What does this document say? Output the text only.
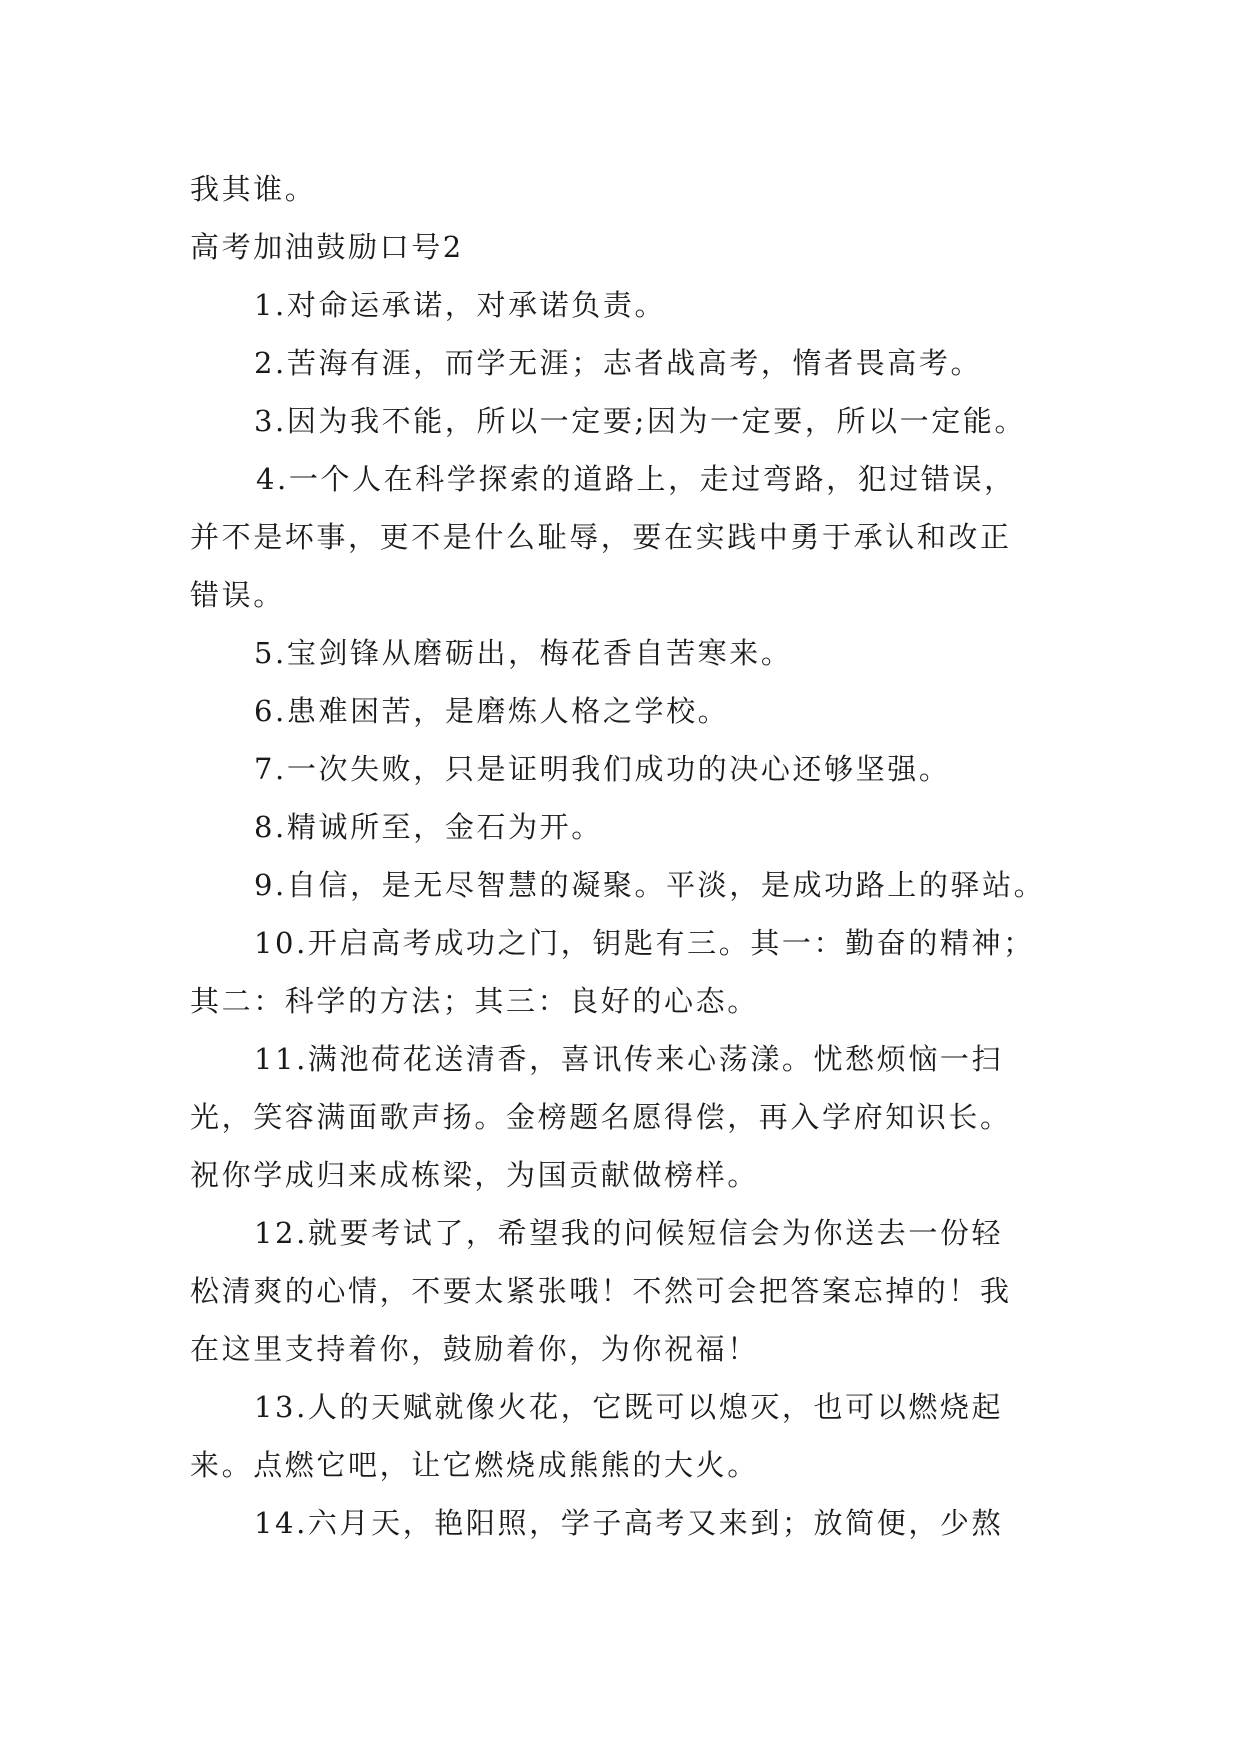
我其谁。

高考加油鼓励口号2

1.对命运承诺，对承诺负责。

2.苦海有涯，而学无涯；志者战高考，惰者畏高考。

3.因为我不能，所以一定要;因为一定要，所以一定能。

4.一个人在科学探索的道路上，走过弯路，犯过错误，

并不是坏事，更不是什么耻辱，要在实践中勇于承认和改正

错误。

5.宝剑锋从磨砺出，梅花香自苦寒来。

6.患难困苦，是磨炼人格之学校。

7.一次失败，只是证明我们成功的决心还够坚强。

8.精诚所至，金石为开。

9.自信，是无尽智慧的凝聚。平淡，是成功路上的驿站。

10.开启高考成功之门，钥匙有三。其一：勤奋的精神；

其二：科学的方法；其三：良好的心态。

11.满池荷花送清香，喜讯传来心荡漾。忧愁烦恼一扫

光，笑容满面歌声扬。金榜题名愿得偿，再入学府知识长。

祝你学成归来成栋梁，为国贡献做榜样。

12.就要考试了，希望我的问候短信会为你送去一份轻

松清爽的心情，不要太紧张哦！不然可会把答案忘掉的！我

在这里支持着你，鼓励着你，为你祝福！

13.人的天赋就像火花，它既可以熄灭，也可以燃烧起

来。点燃它吧，让它燃烧成熊熊的大火。

14.六月天，艳阳照，学子高考又来到；放简便，少熬
